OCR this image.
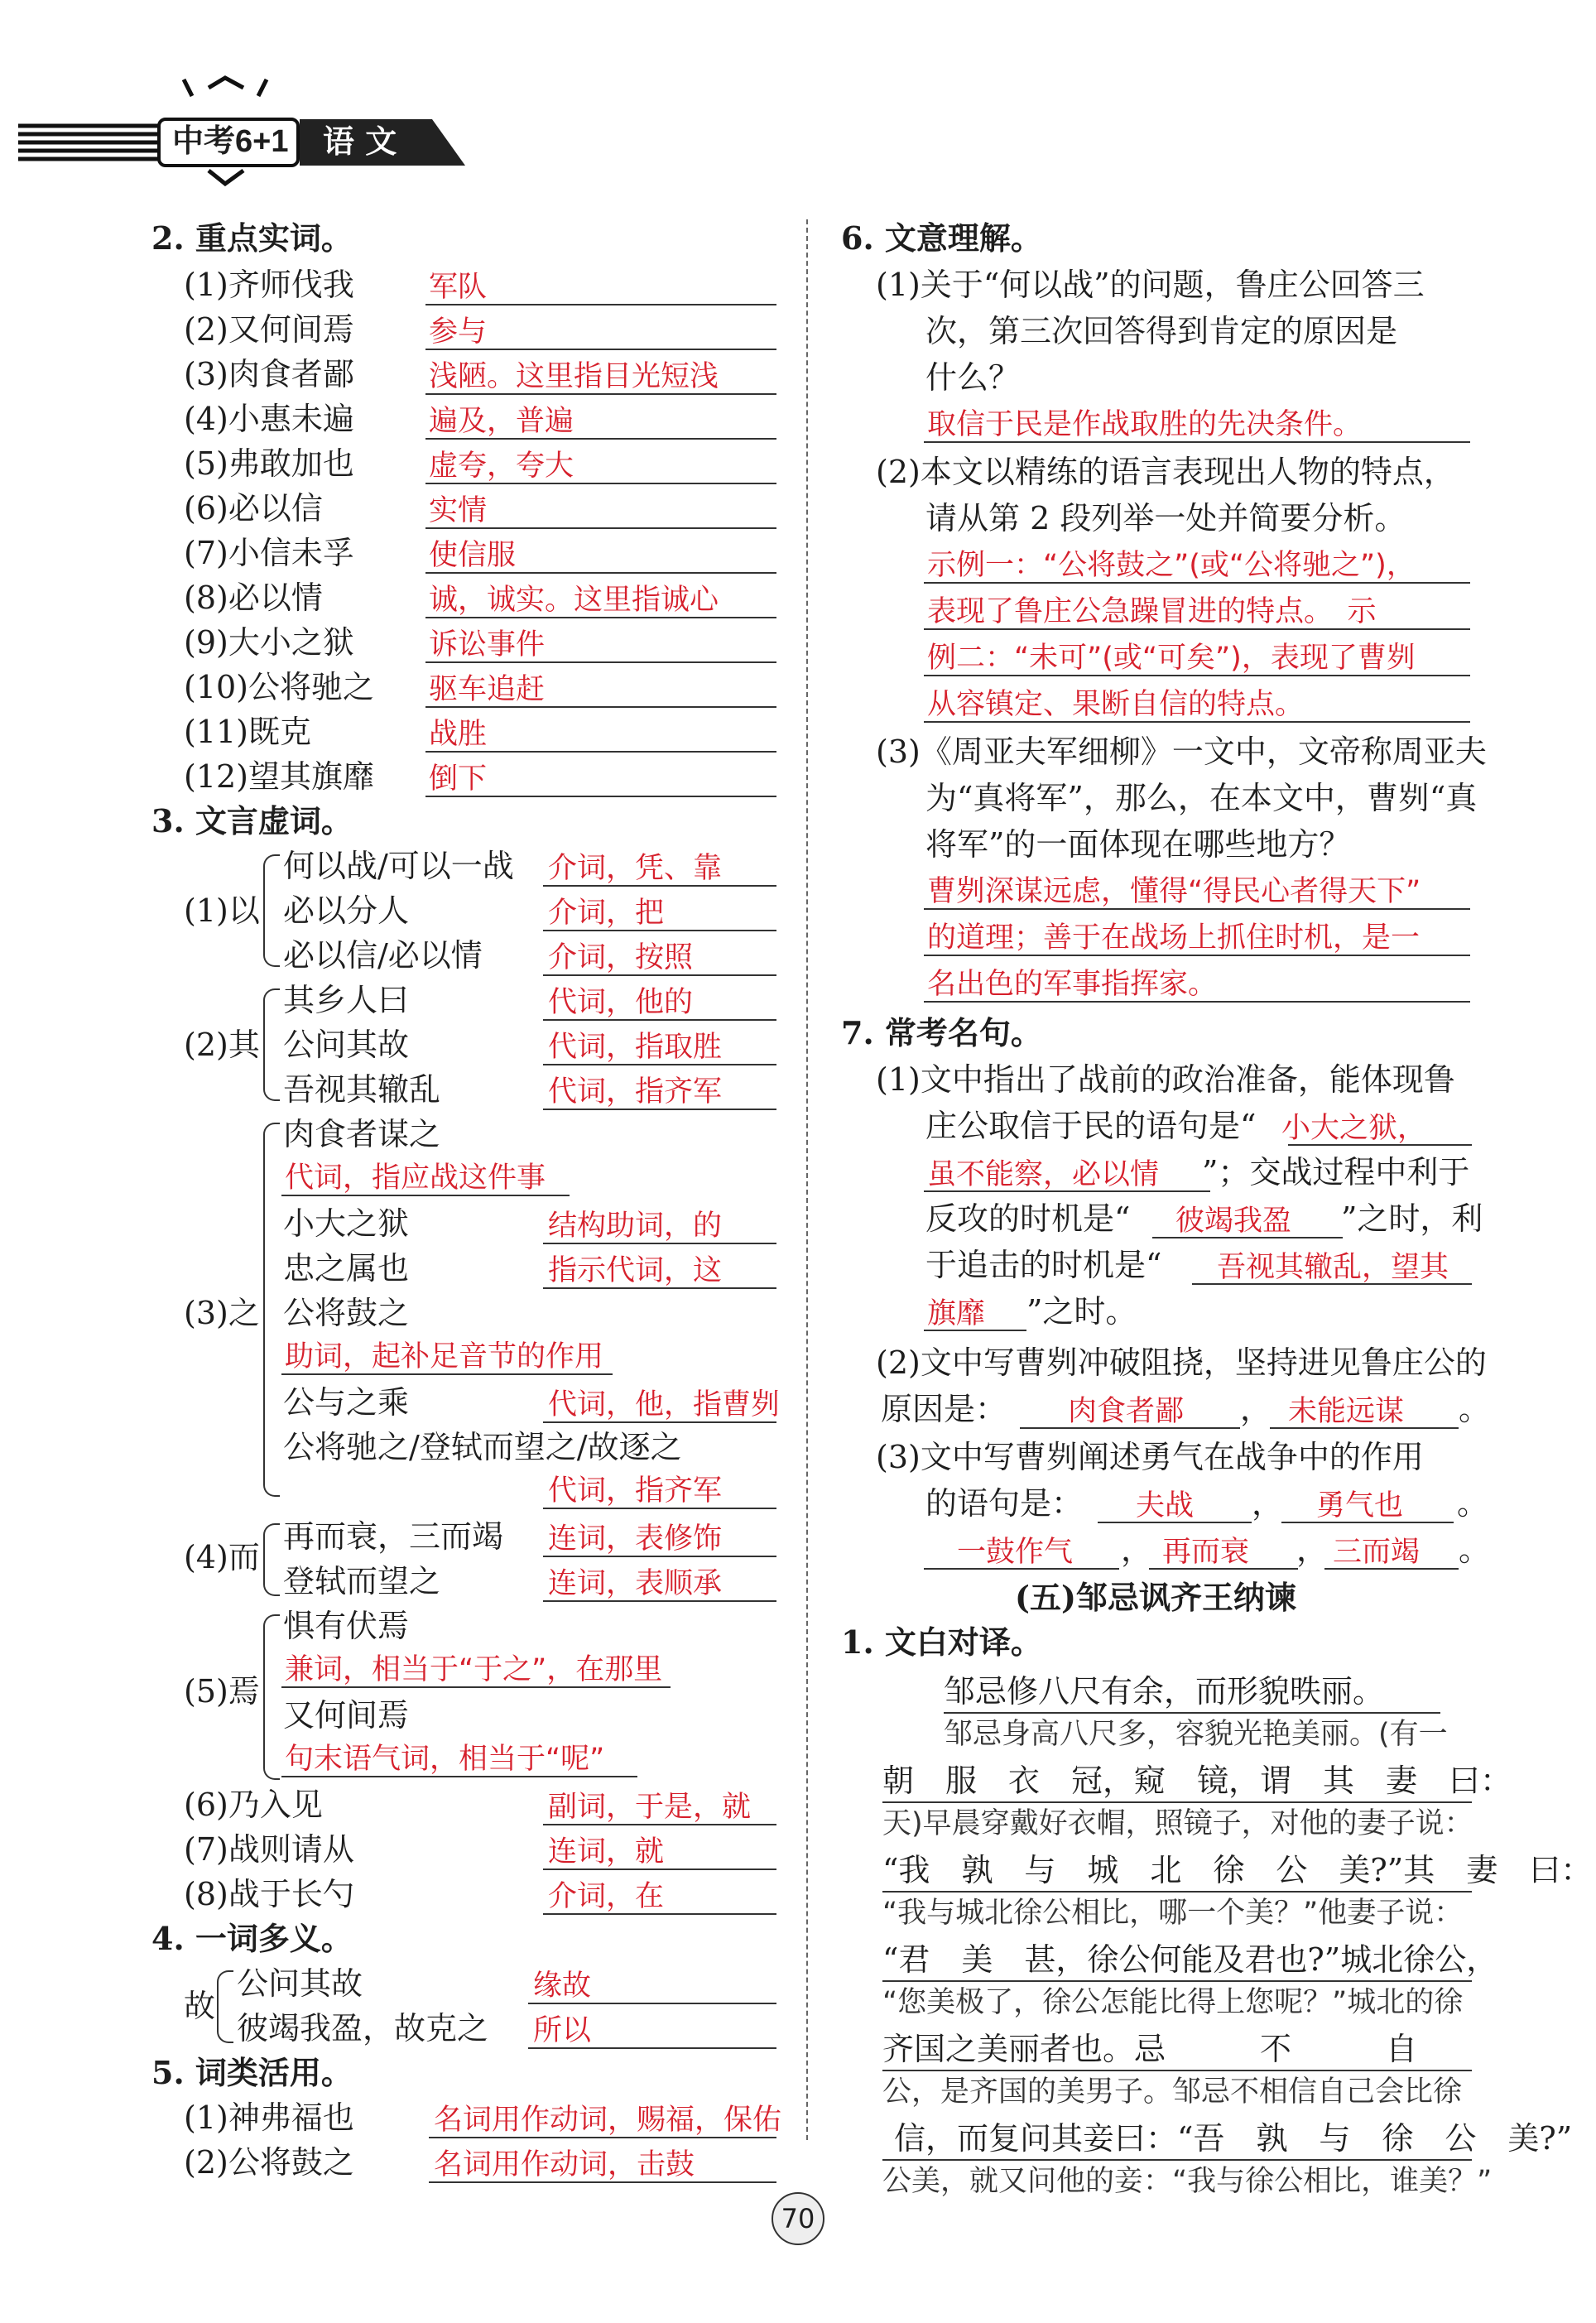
中考6+1 语 文
2. 重点实词。
(1)齐师伐我	军队
(2)又何间焉	参与
(3)肉食者鄙	浅陋。这里指目光短浅
(4)小惠未遍	遍及，普遍
(5)弗敢加也	虚夸，夸大
(6)必以信	实情
(7)小信未孚	使信服
(8)必以情	诚，诚实。这里指诚心
(9)大小之狱	诉讼事件
(10)公将驰之 驱车追赶
(11)既克	战胜
(12)望其旗靡 倒下
3. 文言虚词。
(1)以
何以战/可以一战 介词，凭、靠
必以分人	介词，把
必以信/必以情 介词，按照
(2)其
其乡人曰	代词，他的
公问其故	代词，指取胜
吾视其辙乱	代词，指齐军
(3)之
肉食者谋之
代词，指应战这件事
小大之狱	结构助词，的
忠之属也	指示代词，这
公将鼓之
助词，起补足音节的作用
公与之乘	代词，他，指曹刿
公将驰之/登轼而望之/故逐之
代词，指齐军
(4)而
再而衰，三而竭 连词，表修饰
登轼而望之	连词，表顺承
(5)焉
惧有伏焉
兼词，相当于“于之”，在那里
又何间焉
句末语气词，相当于“呢”
(6)乃入见	副词，于是，就
(7)战则请从	连词，就
(8)战于长勺	介词，在
4. 一词多义。
故
公问其故	缘故
彼竭我盈，故克之 所以
5. 词类活用。
(1)神弗福也	名词用作动词，赐福，保佑
(2)公将鼓之	名词用作动词，击鼓
6. 文意理解。
(1)关于“何以战”的问题，鲁庄公回答三
次，第三次回答得到肯定的原因是
什么？
取信于民是作战取胜的先决条件。
(2)本文以精练的语言表现出人物的特点，
请从第 2 段列举一处并简要分析。
示例一：“公将鼓之”(或“公将驰之”)，
表现了鲁庄公急躁冒进的特点。　示
例二：“未可”(或“可矣”)，表现了曹刿
从容镇定、果断自信的特点。
(3)《周亚夫军细柳》一文中，文帝称周亚夫
为“真将军”，那么，在本文中，曹刿“真
将军”的一面体现在哪些地方？
曹刿深谋远虑，懂得“得民心者得天下”
的道理；善于在战场上抓住时机，是一
名出色的军事指挥家。
7. 常考名句。
(1)文中指出了战前的政治准备，能体现鲁
庄公取信于民的语句是“ 小大之狱，
虽不能察，必以情 ”；交战过程中利于
反攻的时机是“ 彼竭我盈 ”之时，利
于追击的时机是“ 吾视其辙乱，望其
旗靡 ”之时。
(2)文中写曹刿冲破阻挠，坚持进见鲁庄公的
原因是： 肉食者鄙 ， 未能远谋 。
(3)文中写曹刿阐述勇气在战争中的作用
的语句是： 夫战 ， 勇气也 。
一鼓作气 ， 再而衰 ， 三而竭 。
(五)邹忌讽齐王纳谏
1. 文白对译。
邹忌修八尺有余，而形貌昳丽。
邹忌身高八尺多，容貌光艳美丽。(有一
朝　服　衣　冠，窥　镜，谓　其　妻　曰：
天)早晨穿戴好衣帽，照镜子，对他的妻子说：
“我　孰　与　城　北　徐　公　美?”其　妻　曰：
“我与城北徐公相比，哪一个美？”他妻子说：
“君　美　甚，徐公何能及君也?”城北徐公，
“您美极了，徐公怎能比得上您呢？”城北的徐
齐国之美丽者也。忌　　　不　　　自
公，是齐国的美男子。邹忌不相信自己会比徐
信，而复问其妾曰：“吾　孰　与　徐　公　美?”
公美，就又问他的妾：“我与徐公相比，谁美？”
70
